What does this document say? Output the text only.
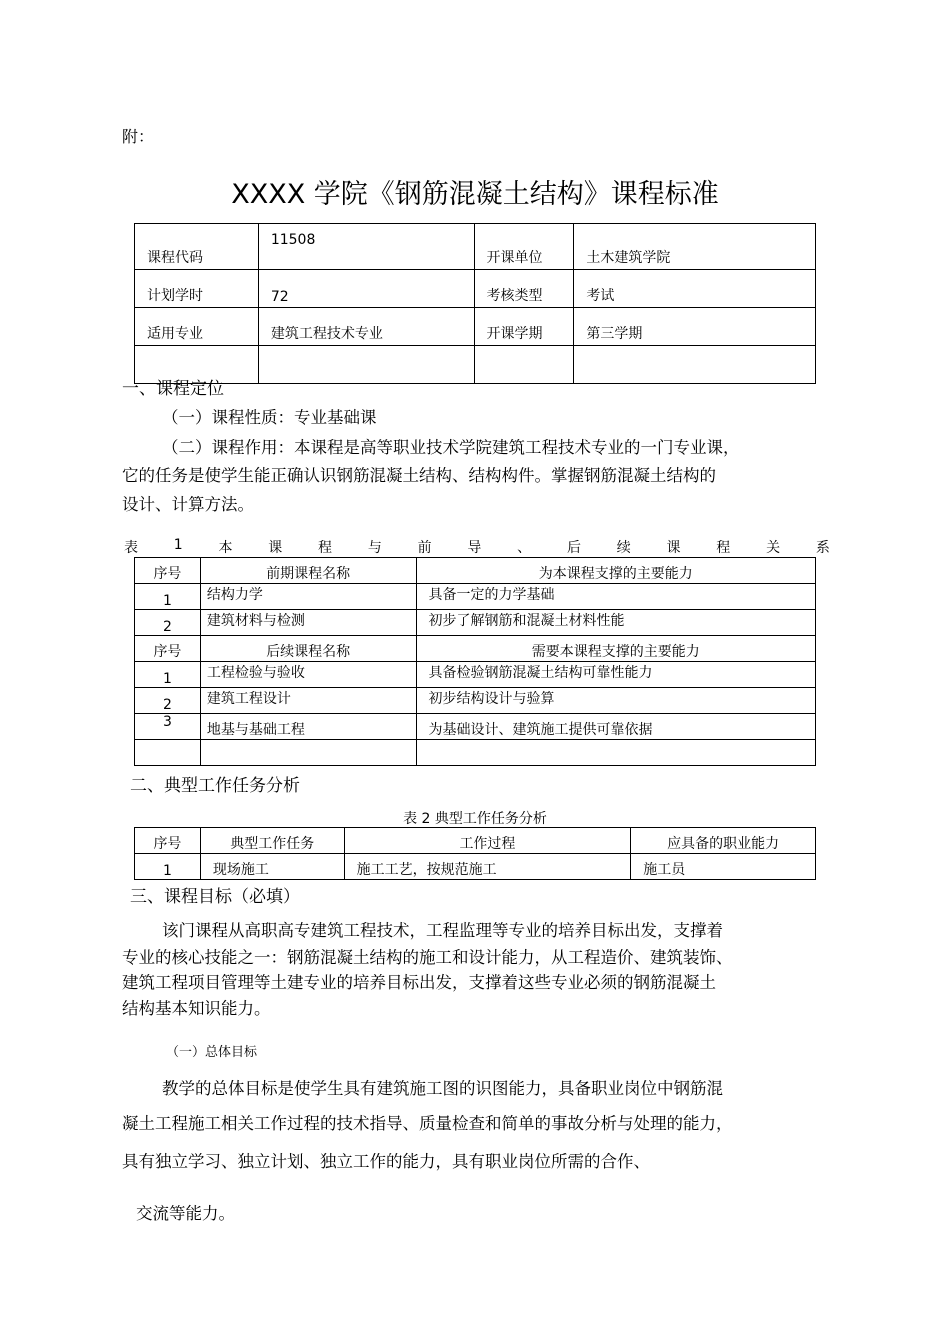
附：
XXXX 学院《钢筋混凝土结构》课程标准
课程代码	11508	开课单位	土木建筑学院
计划学时	72	考核类型	考试
适用专业	建筑工程技术专业	开课学期	第三学期

一、课程定位
（一）课程性质：专业基础课
（二）课程作用：本课程是高等职业技术学院建筑工程技术专业的一门专业课，
它的任务是使学生能正确认识钢筋混凝土结构、结构构件。掌握钢筋混凝土结构的
设计、计算方法。
表	1	本	课	程	与	前	导	、	后	续	课	程	关	系
序号	前期课程名称	为本课程支撑的主要能力
1	结构力学	具备一定的力学基础
2	建筑材料与检测	初步了解钢筋和混凝土材料性能
序号	后续课程名称	需要本课程支撑的主要能力
1	工程检验与验收	具备检验钢筋混凝土结构可靠性能力
2	建筑工程设计	初步结构设计与验算
3	地基与基础工程	为基础设计、建筑施工提供可靠依据

二、典型工作任务分析
表 2 典型工作任务分析
序号	典型工作任务	工作过程	应具备的职业能力
1	现场施工	施工工艺，按规范施工	施工员
三、课程目标（必填）
该门课程从高职高专建筑工程技术，工程监理等专业的培养目标出发，支撑着
专业的核心技能之一：钢筋混凝土结构的施工和设计能力，从工程造价、建筑装饰、
建筑工程项目管理等土建专业的培养目标出发，支撑着这些专业必须的钢筋混凝土
结构基本知识能力。
（一）总体目标
教学的总体目标是使学生具有建筑施工图的识图能力，具备职业岗位中钢筋混
凝土工程施工相关工作过程的技术指导、质量检查和简单的事故分析与处理的能力，
具有独立学习、独立计划、独立工作的能力，具有职业岗位所需的合作、
交流等能力。
